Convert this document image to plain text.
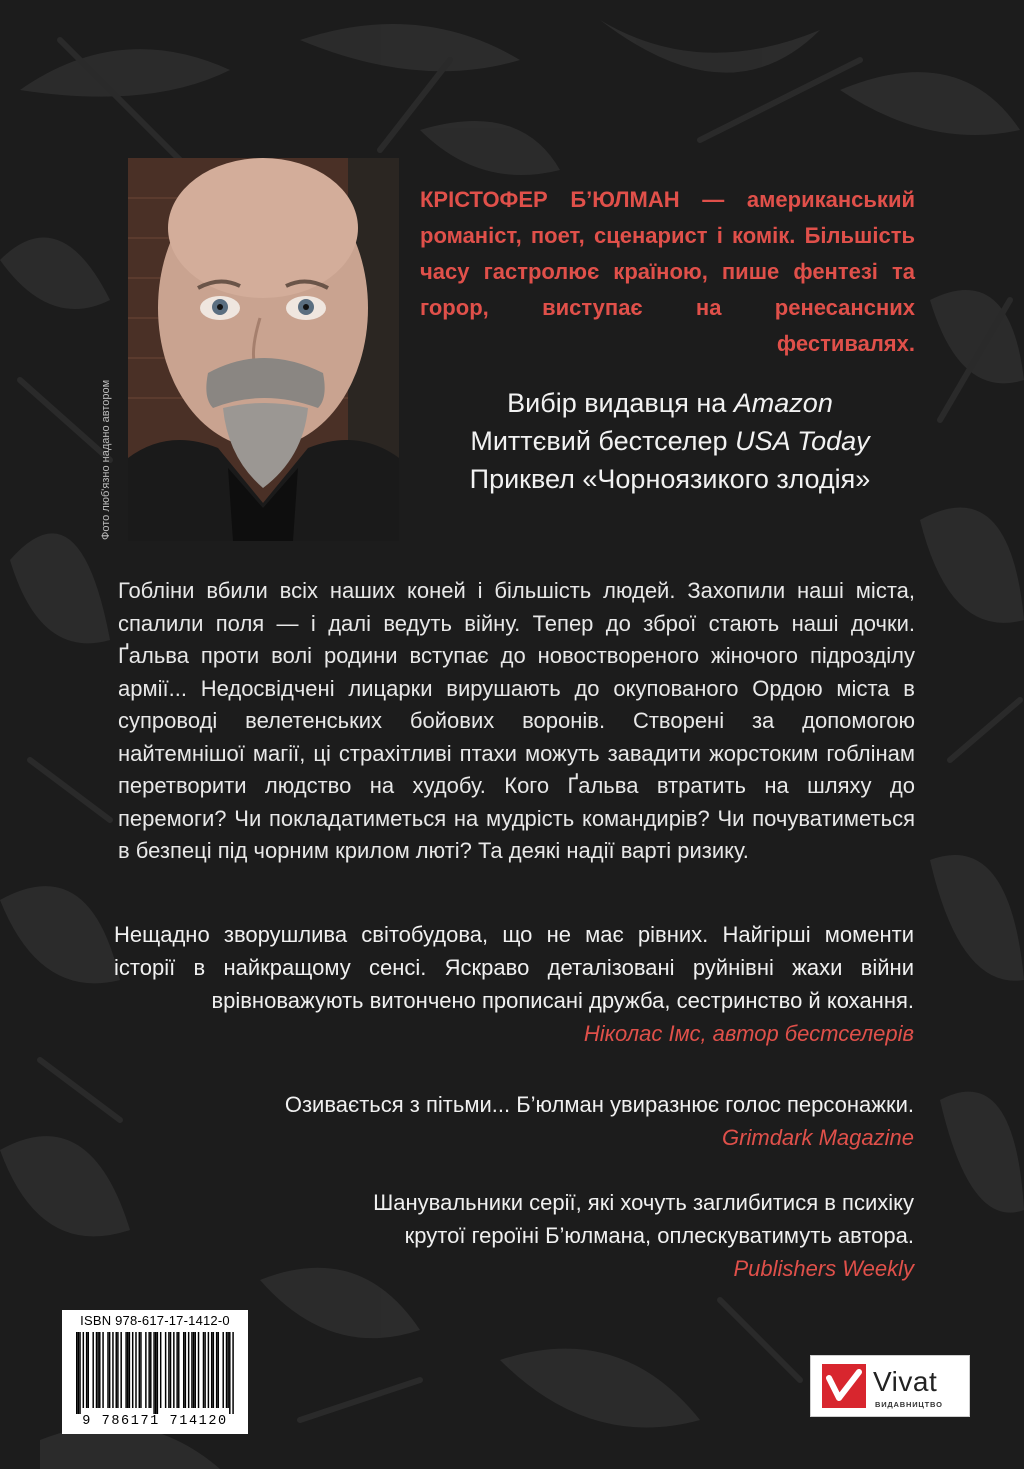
Фото люб'язно надано автором

КРІСТОФЕР Б’ЮЛМАН — американський романіст, поет, сценарист і комік. Більшість часу гастролює країною, пише фентезі та горор, виступає на ренесансних фестивалях.

Вибір видавця на Amazon
Миттєвий бестселер USA Today
Приквел «Чорноязикого злодія»

Гобліни вбили всіх наших коней і більшість людей. Захопили наші міста, спалили поля — і далі ведуть війну. Тепер до зброї стають наші дочки. Ґальва проти волі родини вступає до новоствореного жіночого підрозділу армії... Недосвідчені лицарки вирушають до окупованого Ордою міста в супроводі велетенських бойових воронів. Створені за допомогою найтемнішої магії, ці страхітливі птахи можуть завадити жорстоким гоблінам перетворити людство на худобу. Кого Ґальва втратить на шляху до перемоги? Чи покладатиметься на мудрість командирів? Чи почуватиметься в безпеці під чорним крилом люті? Та деякі надії варті ризику.

Нещадно зворушлива світобудова, що не має рівних. Найгірші моменти історії в найкращому сенсі. Яскраво деталізовані руйнівні жахи війни врівноважують витончено прописані дружба, сестринство й кохання.

Ніколас Імс, автор бестселерів

Озивається з пітьми... Б’юлман увиразнює голос персонажки.

Grimdark Magazine

Шанувальники серії, які хочуть заглибитися в психіку крутої героїні Б’юлмана, оплескуватимуть автора.

Publishers Weekly

ISBN 978-617-17-1412-0
9 786171 714120
Vivat
ВИДАВНИЦТВО
